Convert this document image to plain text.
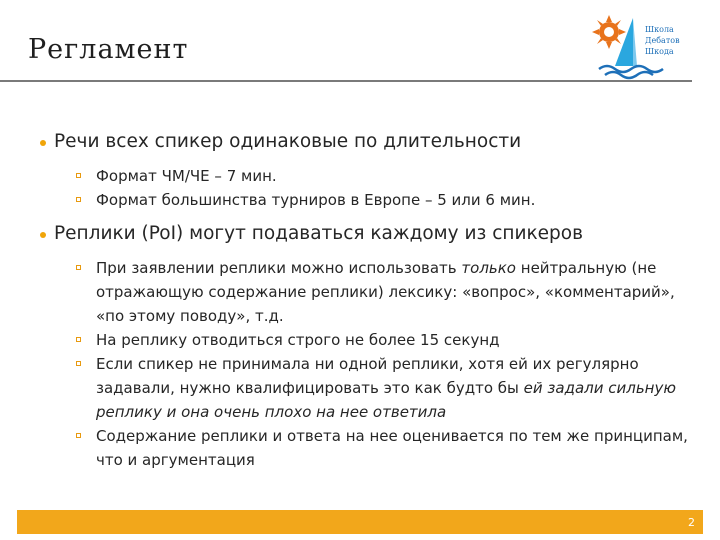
Регламент
Школа
Дебатов
Шкода
Речи всех спикер одинаковые по длительности
Формат ЧМ/ЧЕ – 7 мин.
Формат большинства турниров в Европе – 5 или 6 мин.
Реплики (PoI) могут подаваться каждому из спикеров
При заявлении реплики можно использовать только нейтральную (не отражающую содержание реплики) лексику: «вопрос», «комментарий», «по этому поводу», т.д.
На реплику отводиться строго не более 15 секунд
Если спикер не принимала ни одной реплики, хотя ей их регулярно задавали, нужно квалифицировать это как будто бы ей задали сильную реплику и она очень плохо на нее ответила
Содержание реплики и ответа на нее оценивается по тем же принципам, что и аргументация
2
